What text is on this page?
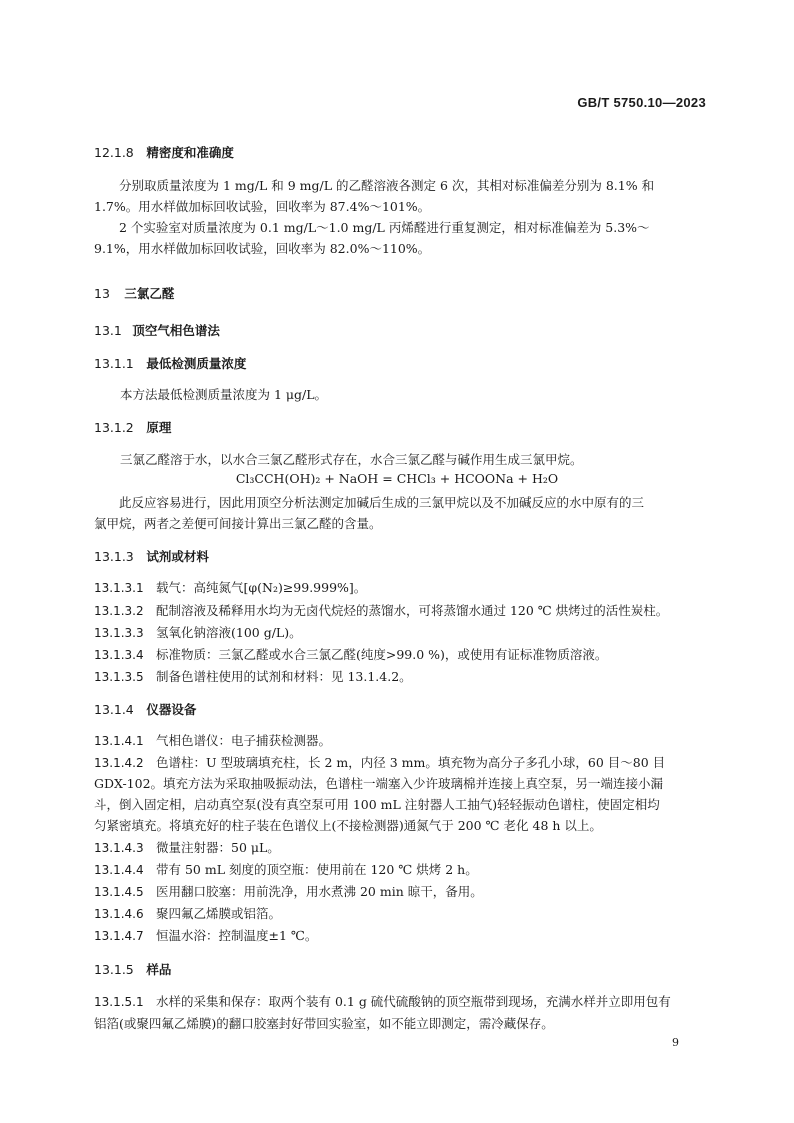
GB/T 5750.10—2023
12.1.8 精密度和准确度
分别取质量浓度为 1 mg/L 和 9 mg/L 的乙醛溶液各测定 6 次，其相对标准偏差分别为 8.1% 和
1.7%。用水样做加标回收试验，回收率为 87.4%～101%。
2 个实验室对质量浓度为 0.1 mg/L～1.0 mg/L 丙烯醛进行重复测定，相对标准偏差为 5.3%～
9.1%，用水样做加标回收试验，回收率为 82.0%～110%。
13 三氯乙醛
13.1 顶空气相色谱法
13.1.1 最低检测质量浓度
本方法最低检测质量浓度为 1 μg/L。
13.1.2 原理
三氯乙醛溶于水，以水合三氯乙醛形式存在，水合三氯乙醛与碱作用生成三氯甲烷。
Cl₃CCH(OH)₂ + NaOH = CHCl₃ + HCOONa + H₂O
此反应容易进行，因此用顶空分析法测定加碱后生成的三氯甲烷以及不加碱反应的水中原有的三
氯甲烷，两者之差便可间接计算出三氯乙醛的含量。
13.1.3 试剂或材料
13.1.3.1 载气：高纯氮气[φ(N₂)≥99.999%]。
13.1.3.2 配制溶液及稀释用水均为无卤代烷烃的蒸馏水，可将蒸馏水通过 120 ℃ 烘烤过的活性炭柱。
13.1.3.3 氢氧化钠溶液(100 g/L)。
13.1.3.4 标准物质：三氯乙醛或水合三氯乙醛(纯度>99.0 %)，或使用有证标准物质溶液。
13.1.3.5 制备色谱柱使用的试剂和材料：见 13.1.4.2。
13.1.4 仪器设备
13.1.4.1 气相色谱仪：电子捕获检测器。
13.1.4.2 色谱柱：U 型玻璃填充柱，长 2 m，内径 3 mm。填充物为高分子多孔小球，60 目～80 目
GDX-102。填充方法为采取抽吸振动法，色谱柱一端塞入少许玻璃棉并连接上真空泵，另一端连接小漏
斗，倒入固定相，启动真空泵(没有真空泵可用 100 mL 注射器人工抽气)轻轻振动色谱柱，使固定相均
匀紧密填充。将填充好的柱子装在色谱仪上(不接检测器)通氮气于 200 ℃ 老化 48 h 以上。
13.1.4.3 微量注射器：50 μL。
13.1.4.4 带有 50 mL 刻度的顶空瓶：使用前在 120 ℃ 烘烤 2 h。
13.1.4.5 医用翻口胶塞：用前洗净，用水煮沸 20 min 晾干，备用。
13.1.4.6 聚四氟乙烯膜或铝箔。
13.1.4.7 恒温水浴：控制温度±1 ℃。
13.1.5 样品
13.1.5.1 水样的采集和保存：取两个装有 0.1 g 硫代硫酸钠的顶空瓶带到现场，充满水样并立即用包有
铝箔(或聚四氟乙烯膜)的翻口胶塞封好带回实验室，如不能立即测定，需冷藏保存。
9
